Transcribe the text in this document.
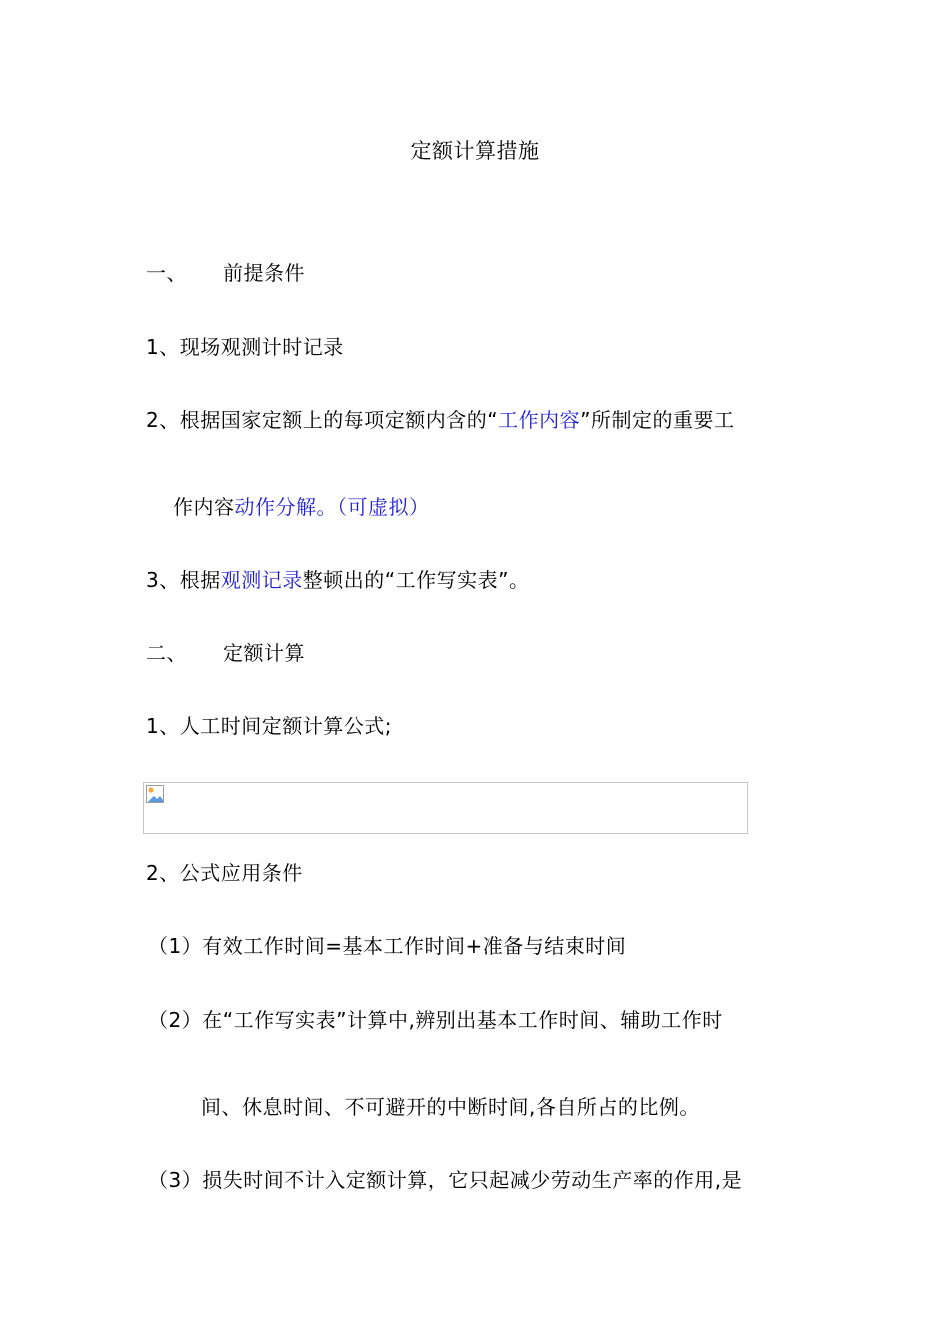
定额计算措施
一、 前提条件
1、现场观测计时记录
2、根据国家定额上的每项定额内含的“工作内容”所制定的重要工
作内容动作分解。（可虚拟）
3、根据观测记录整顿出的“工作写实表”。
二、 定额计算
1、人工时间定额计算公式;
2、公式应用条件
（1）有效工作时间=基本工作时间+准备与结束时间
（2）在“工作写实表”计算中,辨别出基本工作时间、辅助工作时
间、休息时间、不可避开的中断时间,各自所占的比例。
（3）损失时间不计入定额计算，它只起减少劳动生产率的作用,是
